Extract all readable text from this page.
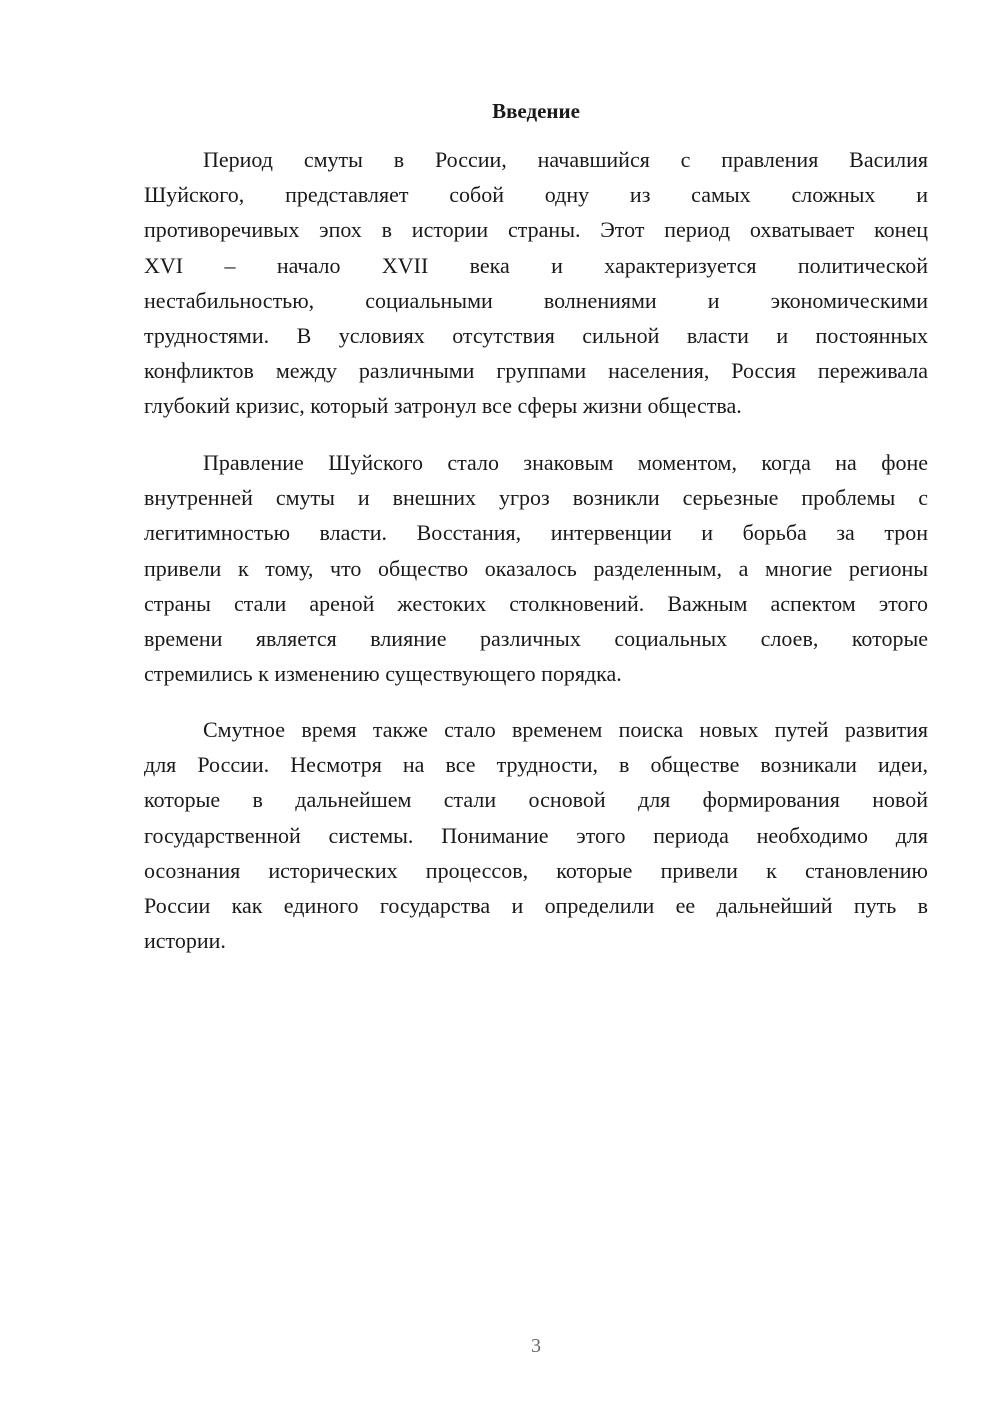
Введение
Период смуты в России, начавшийся с правления Василия
Шуйского, представляет собой одну из самых сложных и
противоречивых эпох в истории страны. Этот период охватывает конец
XVI – начало XVII века и характеризуется политической
нестабильностью, социальными волнениями и экономическими
трудностями. В условиях отсутствия сильной власти и постоянных
конфликтов между различными группами населения, Россия переживала
глубокий кризис, который затронул все сферы жизни общества.
Правление Шуйского стало знаковым моментом, когда на фоне
внутренней смуты и внешних угроз возникли серьезные проблемы с
легитимностью власти. Восстания, интервенции и борьба за трон
привели к тому, что общество оказалось разделенным, а многие регионы
страны стали ареной жестоких столкновений. Важным аспектом этого
времени является влияние различных социальных слоев, которые
стремились к изменению существующего порядка.
Смутное время также стало временем поиска новых путей развития
для России. Несмотря на все трудности, в обществе возникали идеи,
которые в дальнейшем стали основой для формирования новой
государственной системы. Понимание этого периода необходимо для
осознания исторических процессов, которые привели к становлению
России как единого государства и определили ее дальнейший путь в
истории.
3
